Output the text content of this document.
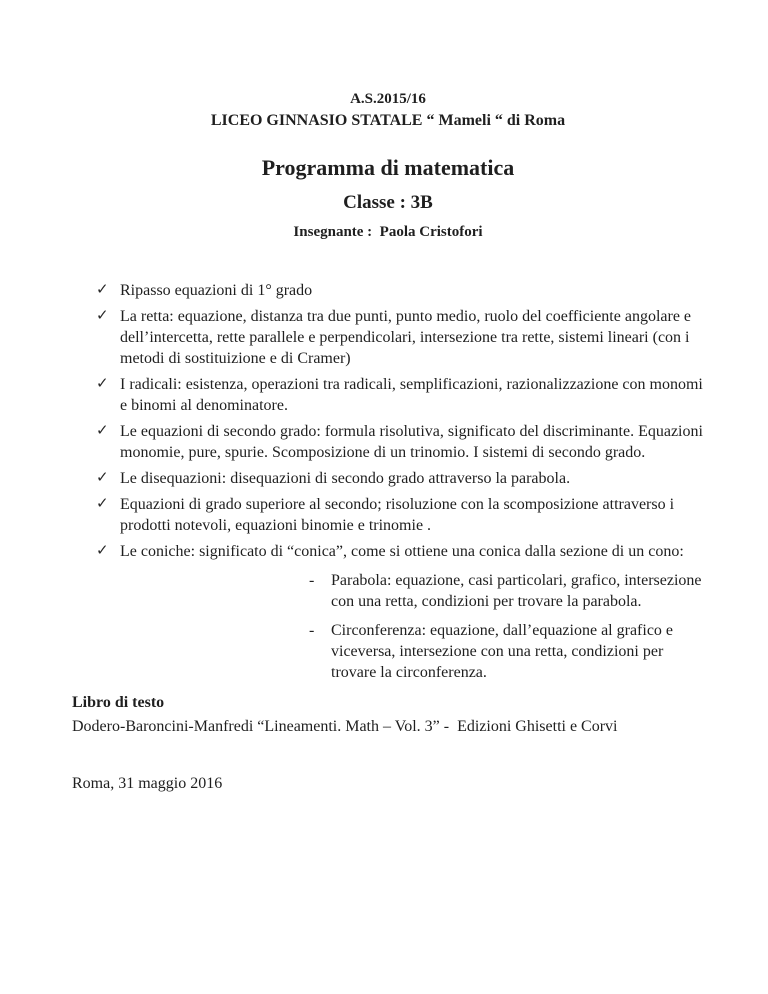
A.S.2015/16
LICEO GINNASIO STATALE “ Mameli “ di Roma
Programma di matematica
Classe : 3B
Insegnante :  Paola Cristofori
✓ Ripasso equazioni di 1° grado
✓ La retta: equazione, distanza tra due punti, punto medio, ruolo del coefficiente angolare e dell’intercetta, rette parallele e perpendicolari, intersezione tra rette, sistemi lineari (con i metodi di sostituizione e di Cramer)
✓ I radicali: esistenza, operazioni tra radicali, semplificazioni, razionalizzazione con monomi e binomi al denominatore.
✓ Le equazioni di secondo grado: formula risolutiva, significato del discriminante. Equazioni monomie, pure, spurie. Scomposizione di un trinomio. I sistemi di secondo grado.
✓ Le disequazioni: disequazioni di secondo grado attraverso la parabola.
✓ Equazioni di grado superiore al secondo; risoluzione con la scomposizione attraverso i prodotti notevoli, equazioni binomie e trinomie .
✓ Le coniche: significato di “conica”, come si ottiene una conica dalla sezione di un cono:
- Parabola: equazione, casi particolari, grafico, intersezione con una retta, condizioni per trovare la parabola.
- Circonferenza: equazione, dall’equazione al grafico e viceversa, intersezione con una retta, condizioni per trovare la circonferenza.
Libro di testo
Dodero-Baroncini-Manfredi “Lineamenti. Math – Vol. 3” -  Edizioni Ghisetti e Corvi
Roma, 31 maggio 2016
